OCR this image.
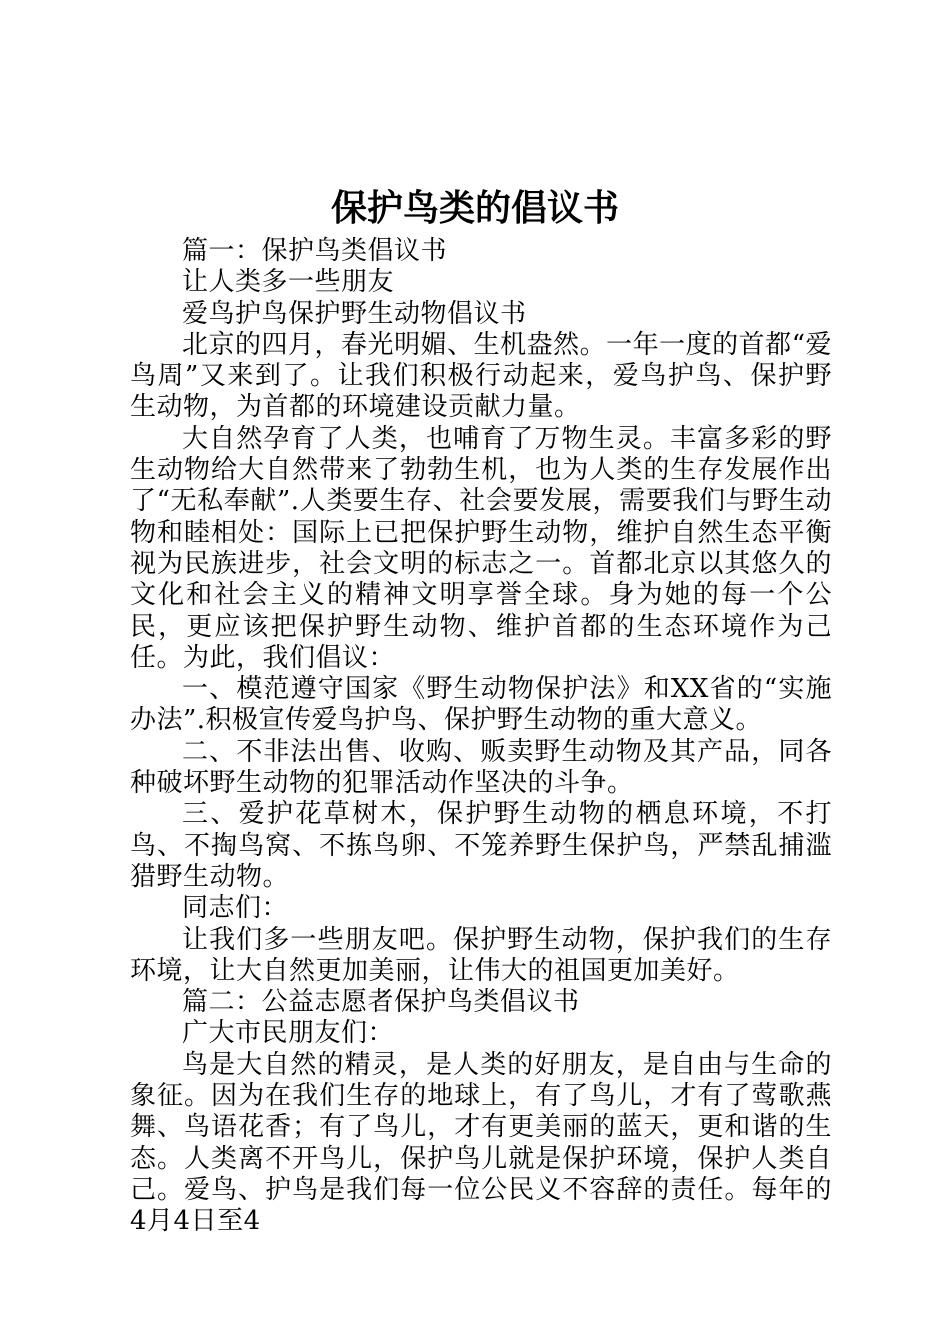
保护鸟类的倡议书

篇一：保护鸟类倡议书

让人类多一些朋友

爱鸟护鸟保护野生动物倡议书

北京的四月，春光明媚、生机盎然。一年一度的首都“爱鸟周”又来到了。让我们积极行动起来，爱鸟护鸟、保护野生动物，为首都的环境建设贡献力量。

大自然孕育了人类，也哺育了万物生灵。丰富多彩的野生动物给大自然带来了勃勃生机，也为人类的生存发展作出了“无私奉献”.人类要生存、社会要发展，需要我们与野生动物和睦相处：国际上已把保护野生动物，维护自然生态平衡视为民族进步，社会文明的标志之一。首都北京以其悠久的文化和社会主义的精神文明享誉全球。身为她的每一个公民，更应该把保护野生动物、维护首都的生态环境作为己任。为此，我们倡议：

一、模范遵守国家《野生动物保护法》和XX省的“实施办法”.积极宣传爱鸟护鸟、保护野生动物的重大意义。

二、不非法出售、收购、贩卖野生动物及其产品，同各种破坏野生动物的犯罪活动作坚决的斗争。

三、爱护花草树木，保护野生动物的栖息环境，不打鸟、不掏鸟窝、不拣鸟卵、不笼养野生保护鸟，严禁乱捕滥猎野生动物。

同志们：

让我们多一些朋友吧。保护野生动物，保护我们的生存环境，让大自然更加美丽，让伟大的祖国更加美好。

篇二：公益志愿者保护鸟类倡议书

广大市民朋友们：

鸟是大自然的精灵，是人类的好朋友，是自由与生命的象征。因为在我们生存的地球上，有了鸟儿，才有了莺歌燕舞、鸟语花香；有了鸟儿，才有更美丽的蓝天，更和谐的生态。人类离不开鸟儿，保护鸟儿就是保护环境，保护人类自己。爱鸟、护鸟是我们每一位公民义不容辞的责任。每年的4月4日至4
